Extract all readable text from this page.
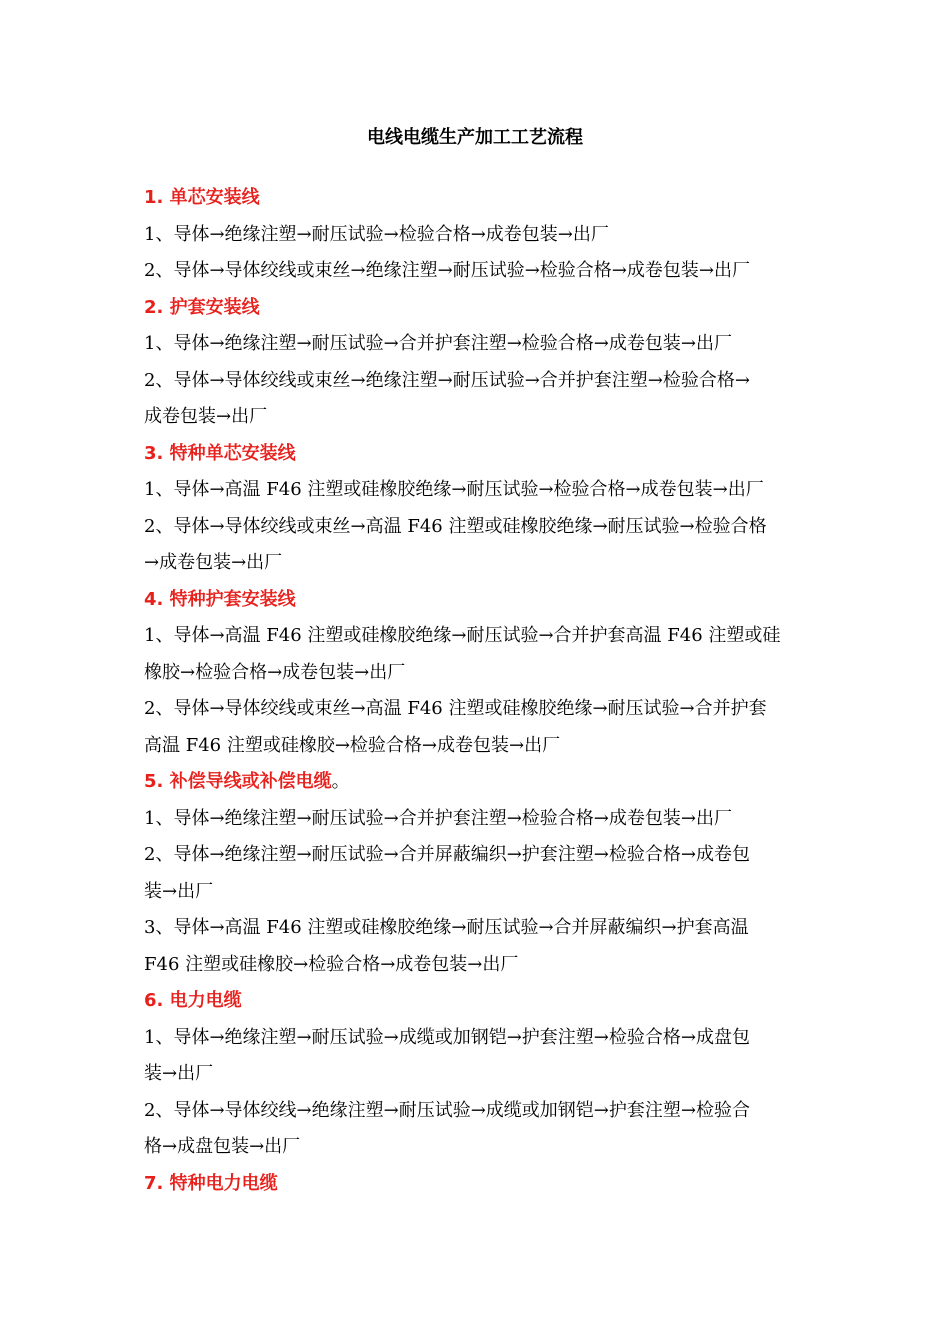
电线电缆生产加工工艺流程
1. 单芯安装线
1、导体→绝缘注塑→耐压试验→检验合格→成卷包装→出厂
2、导体→导体绞线或束丝→绝缘注塑→耐压试验→检验合格→成卷包装→出厂
2. 护套安装线
1、导体→绝缘注塑→耐压试验→合并护套注塑→检验合格→成卷包装→出厂
2、导体→导体绞线或束丝→绝缘注塑→耐压试验→合并护套注塑→检验合格→
成卷包装→出厂
3. 特种单芯安装线
1、导体→高温 F46 注塑或硅橡胶绝缘→耐压试验→检验合格→成卷包装→出厂
2、导体→导体绞线或束丝→高温 F46 注塑或硅橡胶绝缘→耐压试验→检验合格
→成卷包装→出厂
4. 特种护套安装线
1、导体→高温 F46 注塑或硅橡胶绝缘→耐压试验→合并护套高温 F46 注塑或硅
橡胶→检验合格→成卷包装→出厂
2、导体→导体绞线或束丝→高温 F46 注塑或硅橡胶绝缘→耐压试验→合并护套
高温 F46 注塑或硅橡胶→检验合格→成卷包装→出厂
5. 补偿导线或补偿电缆。
1、导体→绝缘注塑→耐压试验→合并护套注塑→检验合格→成卷包装→出厂
2、导体→绝缘注塑→耐压试验→合并屏蔽编织→护套注塑→检验合格→成卷包
装→出厂
3、导体→高温 F46 注塑或硅橡胶绝缘→耐压试验→合并屏蔽编织→护套高温
F46 注塑或硅橡胶→检验合格→成卷包装→出厂
6. 电力电缆
1、导体→绝缘注塑→耐压试验→成缆或加钢铠→护套注塑→检验合格→成盘包
装→出厂
2、导体→导体绞线→绝缘注塑→耐压试验→成缆或加钢铠→护套注塑→检验合
格→成盘包装→出厂
7. 特种电力电缆
